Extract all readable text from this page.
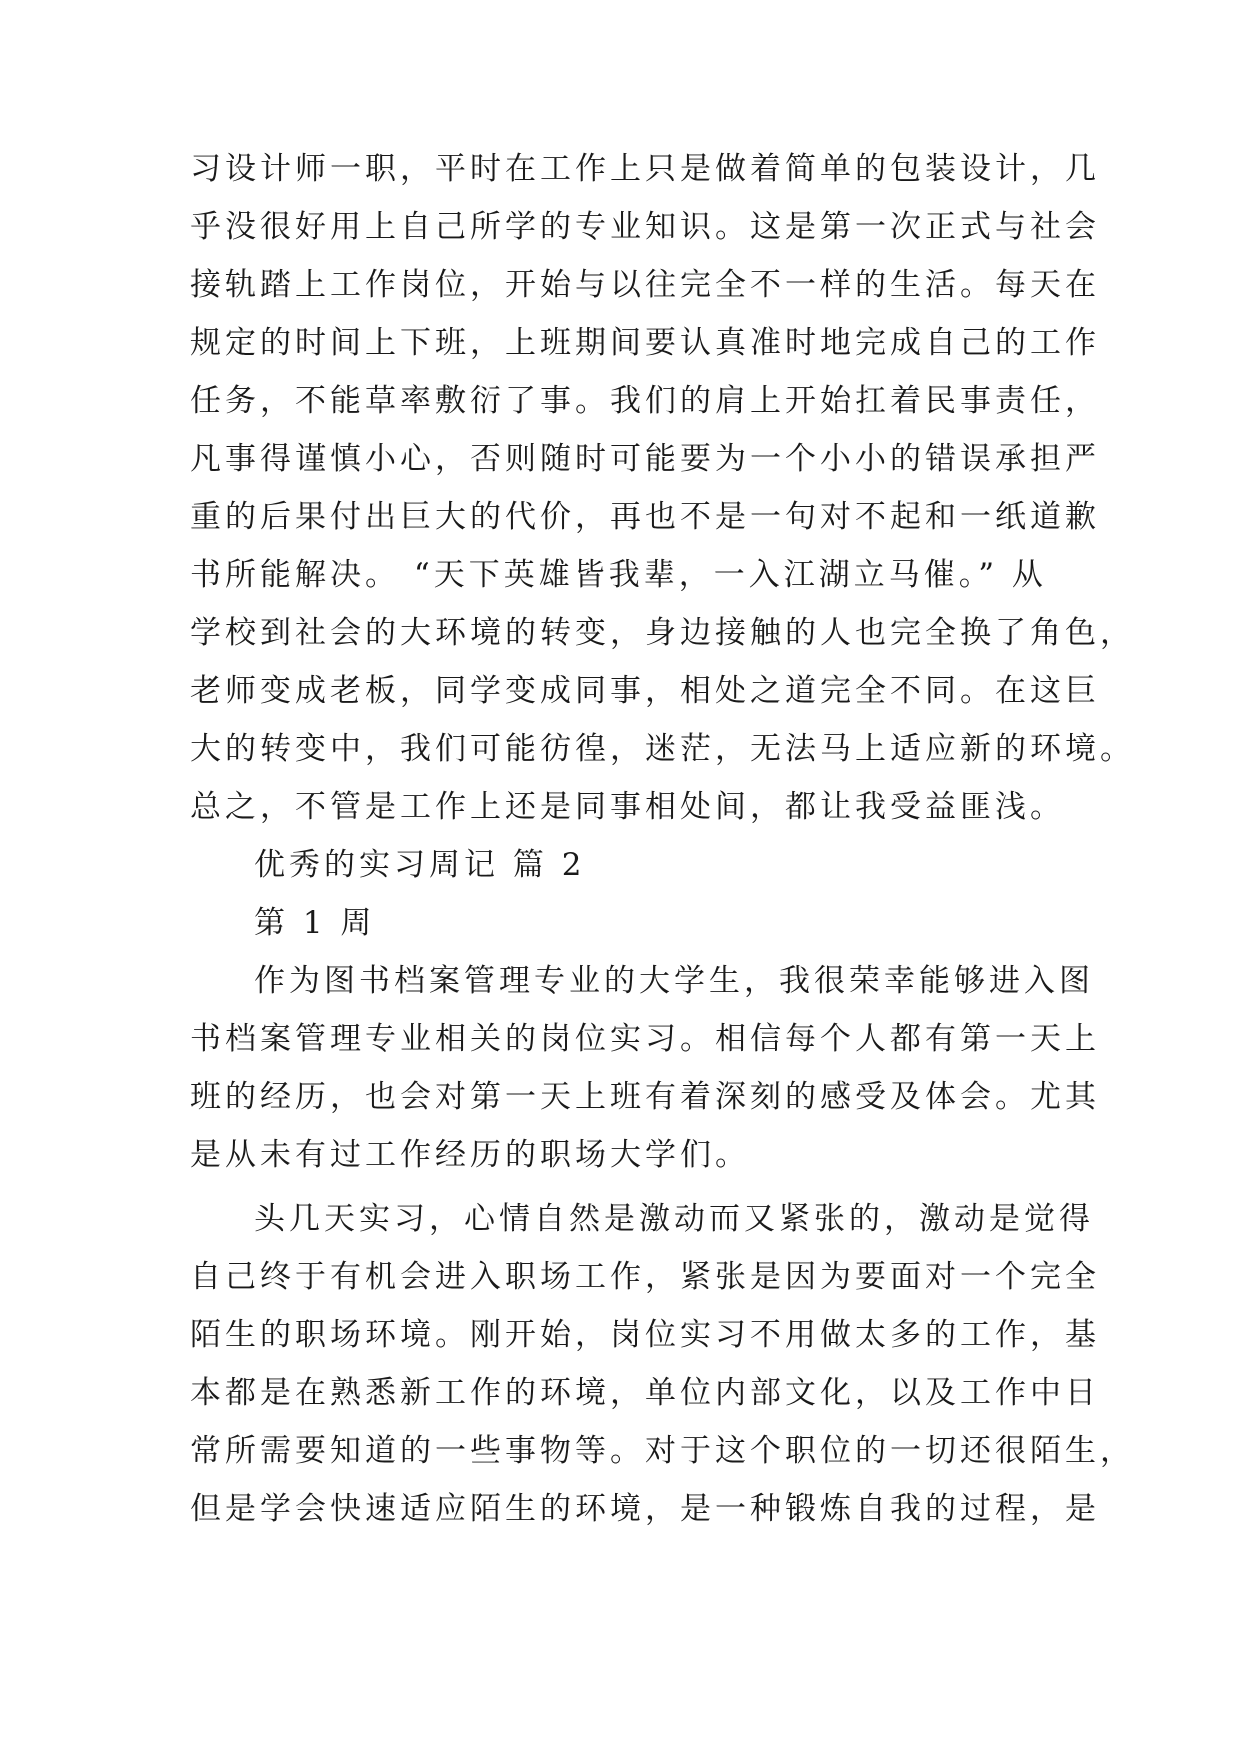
习设计师一职，平时在工作上只是做着简单的包装设计，几
乎没很好用上自己所学的专业知识。这是第一次正式与社会
接轨踏上工作岗位，开始与以往完全不一样的生活。每天在
规定的时间上下班，上班期间要认真准时地完成自己的工作
任务，不能草率敷衍了事。我们的肩上开始扛着民事责任，
凡事得谨慎小心，否则随时可能要为一个小小的错误承担严
重的后果付出巨大的代价，再也不是一句对不起和一纸道歉
书所能解决。 “天下英雄皆我辈，一入江湖立马催。” 从
学校到社会的大环境的转变，身边接触的人也完全换了角色，
老师变成老板，同学变成同事，相处之道完全不同。在这巨
大的转变中，我们可能彷徨，迷茫，无法马上适应新的环境。
总之，不管是工作上还是同事相处间，都让我受益匪浅。
优秀的实习周记 篇 2
第 1 周
作为图书档案管理专业的大学生，我很荣幸能够进入图
书档案管理专业相关的岗位实习。相信每个人都有第一天上
班的经历，也会对第一天上班有着深刻的感受及体会。尤其
是从未有过工作经历的职场大学们。
头几天实习，心情自然是激动而又紧张的，激动是觉得
自己终于有机会进入职场工作，紧张是因为要面对一个完全
陌生的职场环境。刚开始，岗位实习不用做太多的工作，基
本都是在熟悉新工作的环境，单位内部文化，以及工作中日
常所需要知道的一些事物等。对于这个职位的一切还很陌生，
但是学会快速适应陌生的环境，是一种锻炼自我的过程，是
